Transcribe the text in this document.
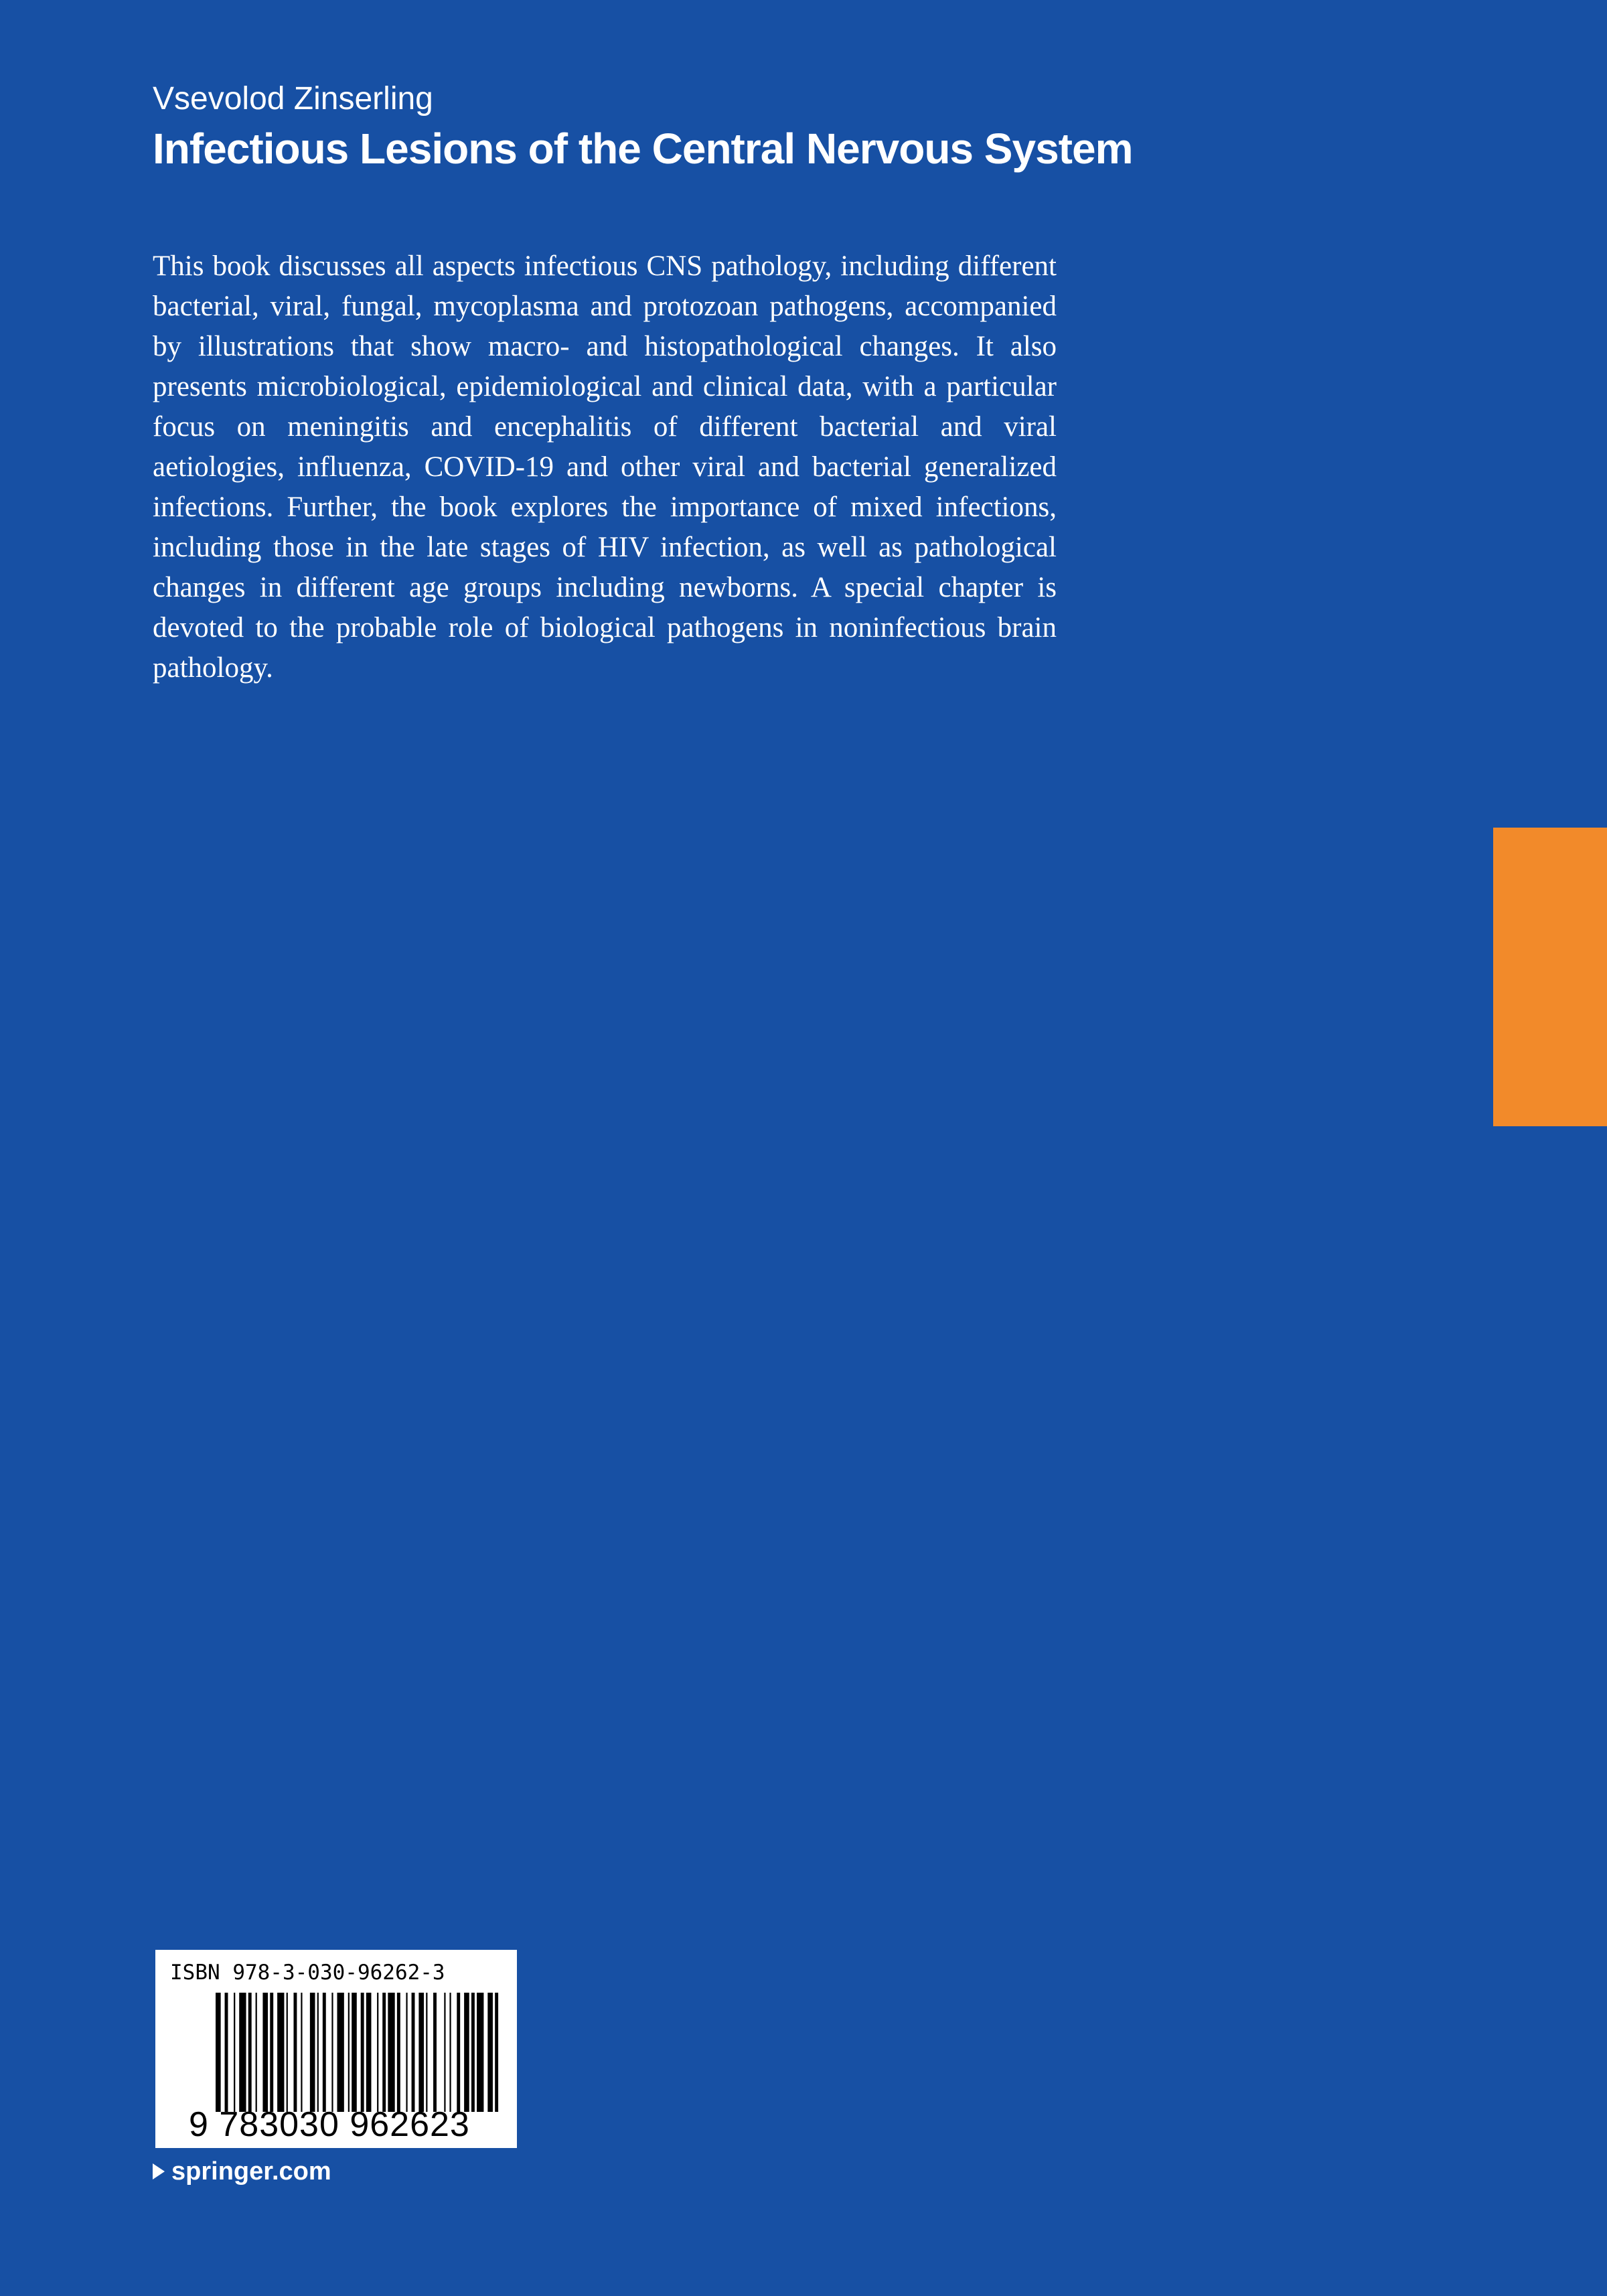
Vsevolod Zinserling
Infectious Lesions of the Central Nervous System
This book discusses all aspects infectious CNS pathology, including different bacterial, viral, fungal, mycoplasma and protozoan pathogens, accompanied by illustrations that show macro- and histopathological changes. It also presents microbiological, epidemiological and clinical data, with a particular focus on meningitis and encephalitis of different bacterial and viral aetiologies, influenza, COVID-19 and other viral and bacterial generalized infections. Further, the book explores the importance of mixed infections, including those in the late stages of HIV infection, as well as pathological changes in different age groups including newborns. A special chapter is devoted to the probable role of biological pathogens in noninfectious brain pathology.
ISBN 978-3-030-96262-3
9 783030 962623
springer.com
